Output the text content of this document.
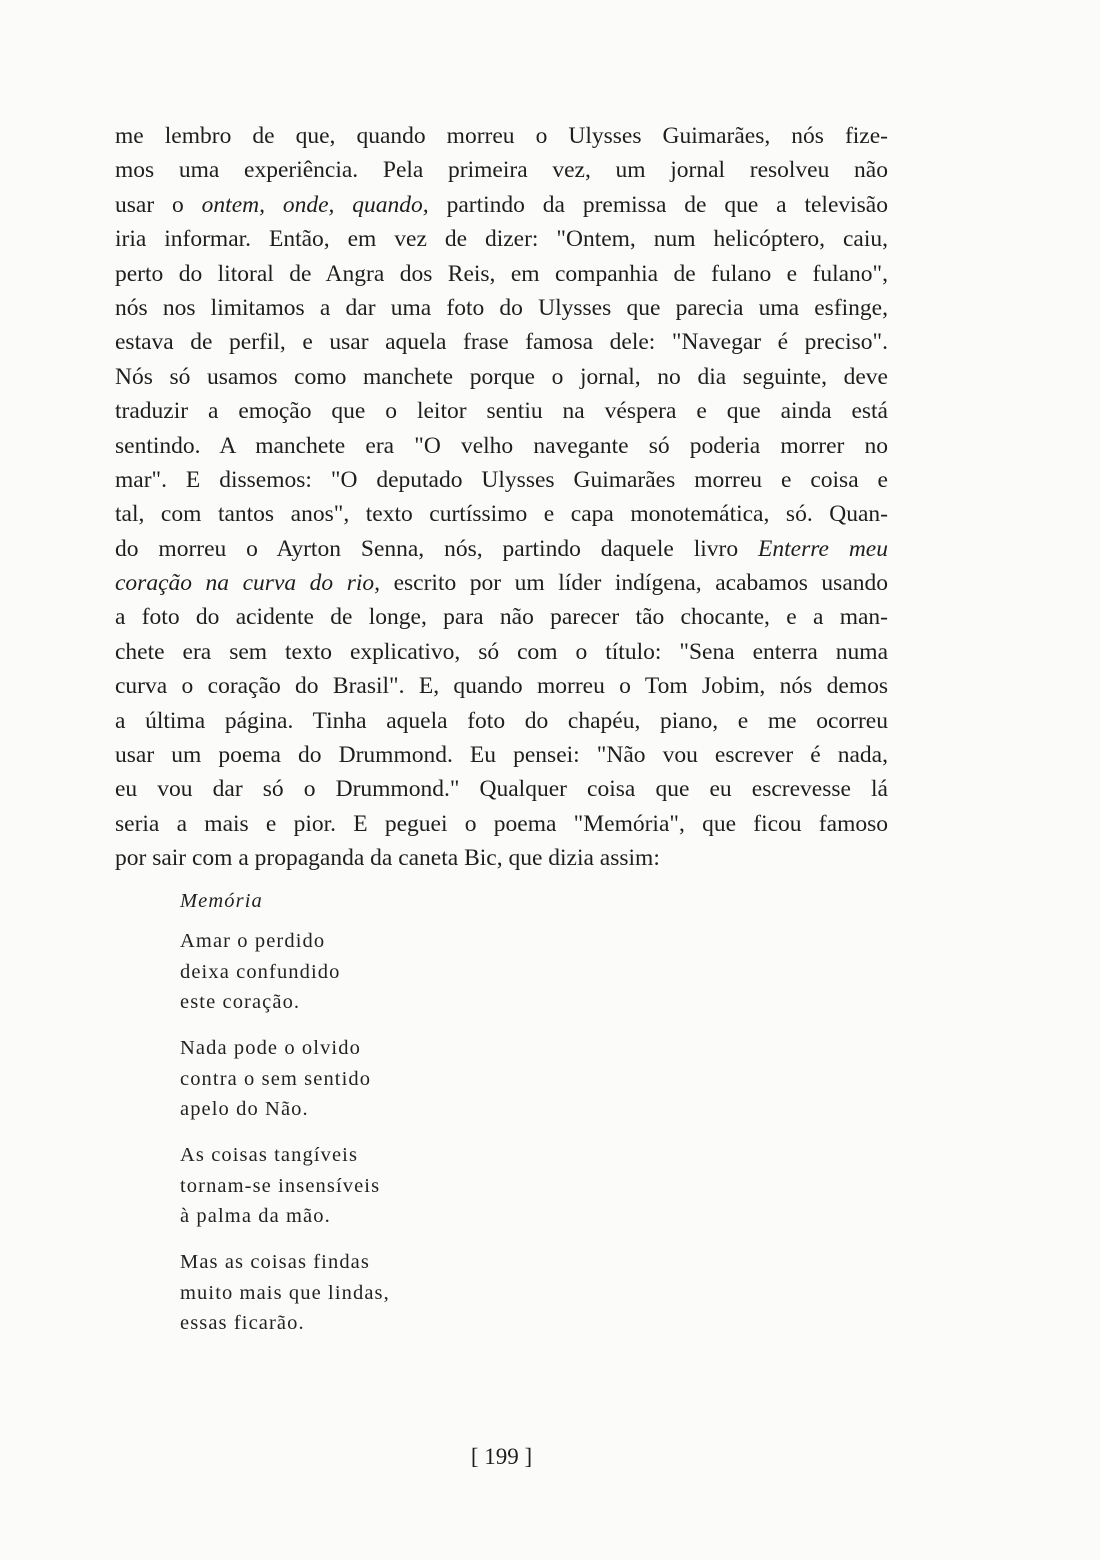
me lembro de que, quando morreu o Ulysses Guimarães, nós fize-
mos uma experiência. Pela primeira vez, um jornal resolveu não
usar o ontem, onde, quando, partindo da premissa de que a televisão
iria informar. Então, em vez de dizer: "Ontem, num helicóptero, caiu,
perto do litoral de Angra dos Reis, em companhia de fulano e fulano",
nós nos limitamos a dar uma foto do Ulysses que parecia uma esfinge,
estava de perfil, e usar aquela frase famosa dele: "Navegar é preciso".
Nós só usamos como manchete porque o jornal, no dia seguinte, deve
traduzir a emoção que o leitor sentiu na véspera e que ainda está
sentindo. A manchete era "O velho navegante só poderia morrer no
mar". E dissemos: "O deputado Ulysses Guimarães morreu e coisa e
tal, com tantos anos", texto curtíssimo e capa monotemática, só. Quan-
do morreu o Ayrton Senna, nós, partindo daquele livro Enterre meu
coração na curva do rio, escrito por um líder indígena, acabamos usando
a foto do acidente de longe, para não parecer tão chocante, e a man-
chete era sem texto explicativo, só com o título: "Sena enterra numa
curva o coração do Brasil". E, quando morreu o Tom Jobim, nós demos
a última página. Tinha aquela foto do chapéu, piano, e me ocorreu
usar um poema do Drummond. Eu pensei: "Não vou escrever é nada,
eu vou dar só o Drummond." Qualquer coisa que eu escrevesse lá
seria a mais e pior. E peguei o poema "Memória", que ficou famoso
por sair com a propaganda da caneta Bic, que dizia assim:
Memória
Amar o perdido
deixa confundido
este coração.
Nada pode o olvido
contra o sem sentido
apelo do Não.
As coisas tangíveis
tornam-se insensíveis
à palma da mão.
Mas as coisas findas
muito mais que lindas,
essas ficarão.
[ 199 ]
